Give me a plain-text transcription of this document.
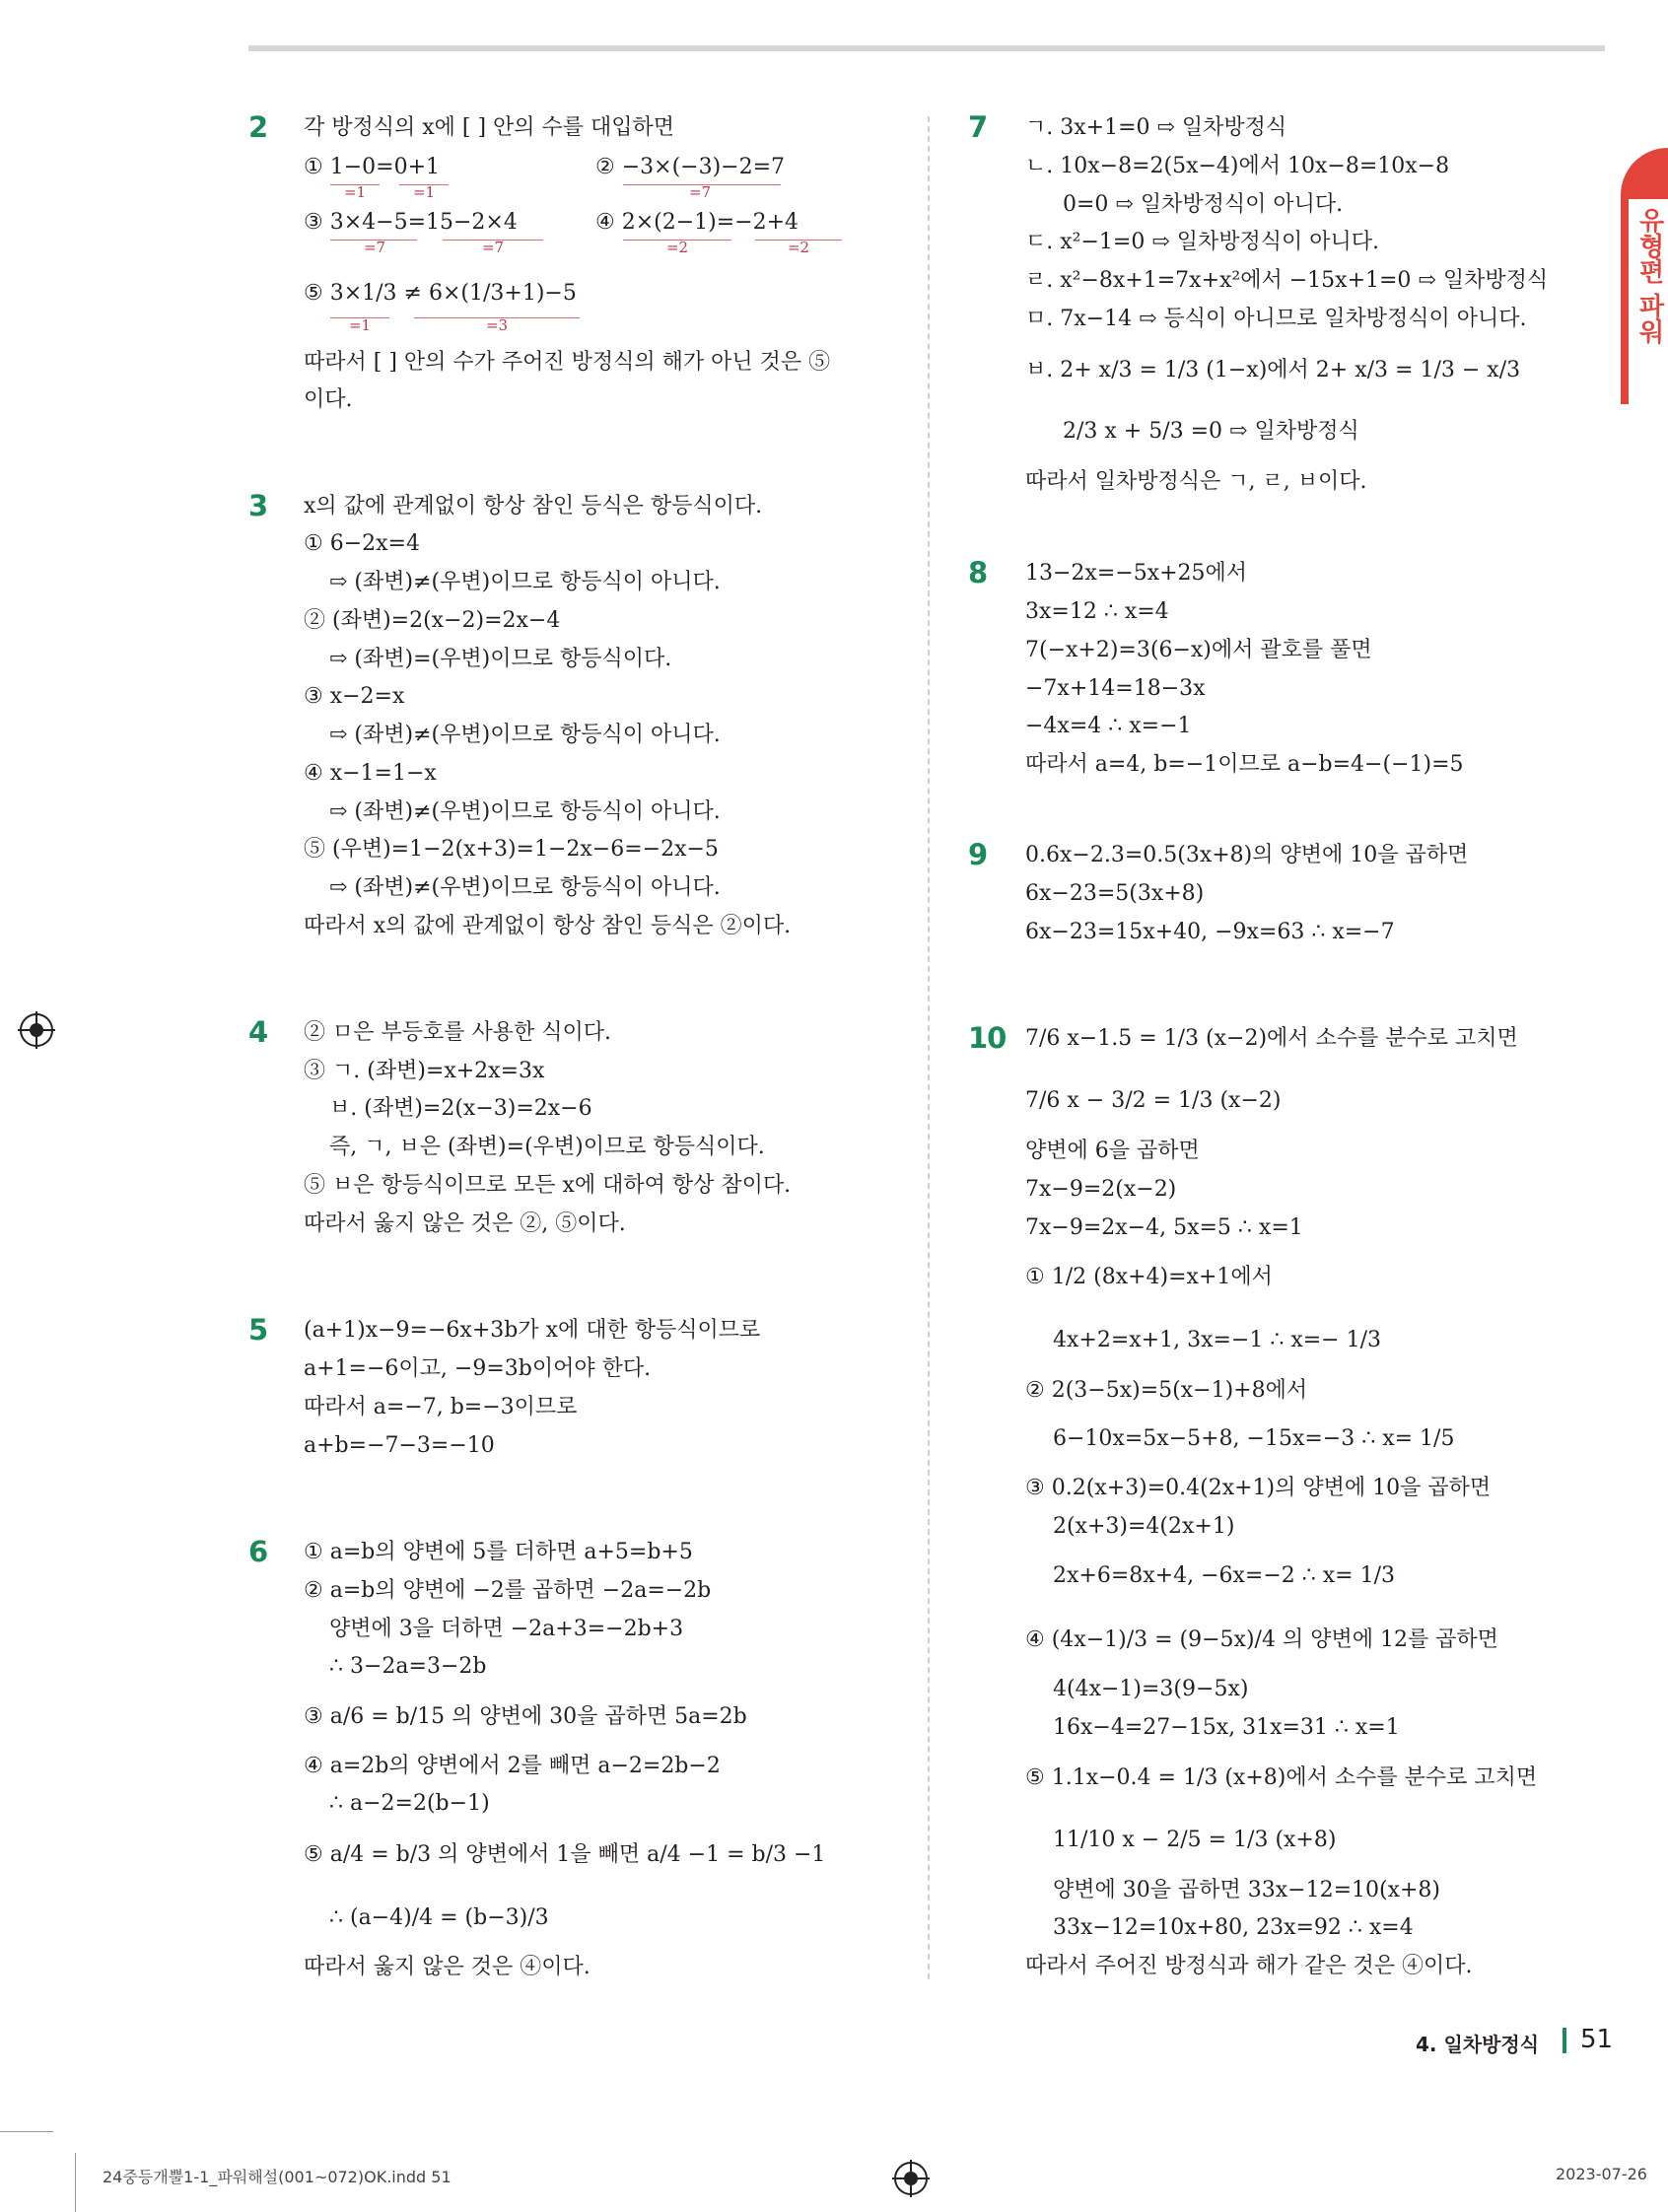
유형편 파워
2 각 방정식의 x에 [ ] 안의 수를 대입하면
① 1−0=0+1
=1	=1
② −3×(−3)−2=7
=7
③ 3×4−5=15−2×4
=7	=7
④ 2×(2−1)=−2+4
=2	=2
⑤ 3×1/3 ≠ 6×(1/3+1)−5
=1	=3
따라서 [ ] 안의 수가 주어진 방정식의 해가 아닌 것은 ⑤
이다.
3 x의 값에 관계없이 항상 참인 등식은 항등식이다.
① 6−2x=4
⇨ (좌변)≠(우변)이므로 항등식이 아니다.
② (좌변)=2(x−2)=2x−4
⇨ (좌변)=(우변)이므로 항등식이다.
③ x−2=x
⇨ (좌변)≠(우변)이므로 항등식이 아니다.
④ x−1=1−x
⇨ (좌변)≠(우변)이므로 항등식이 아니다.
⑤ (우변)=1−2(x+3)=1−2x−6=−2x−5
⇨ (좌변)≠(우변)이므로 항등식이 아니다.
따라서 x의 값에 관계없이 항상 참인 등식은 ②이다.
4 ② ㅁ은 부등호를 사용한 식이다.
③ ㄱ. (좌변)=x+2x=3x
ㅂ. (좌변)=2(x−3)=2x−6
즉, ㄱ, ㅂ은 (좌변)=(우변)이므로 항등식이다.
⑤ ㅂ은 항등식이므로 모든 x에 대하여 항상 참이다.
따라서 옳지 않은 것은 ②, ⑤이다.
5 (a+1)x−9=−6x+3b가 x에 대한 항등식이므로
a+1=−6이고, −9=3b이어야 한다.
따라서 a=−7, b=−3이므로
a+b=−7−3=−10
6 ① a=b의 양변에 5를 더하면 a+5=b+5
② a=b의 양변에 −2를 곱하면 −2a=−2b
양변에 3을 더하면 −2a+3=−2b+3
∴ 3−2a=3−2b
③ a/6 = b/15 의 양변에 30을 곱하면 5a=2b
④ a=2b의 양변에서 2를 빼면 a−2=2b−2
∴ a−2=2(b−1)
⑤ a/4 = b/3 의 양변에서 1을 빼면 a/4 −1 = b/3 −1
∴ (a−4)/4 = (b−3)/3
따라서 옳지 않은 것은 ④이다.
7 ㄱ. 3x+1=0 ⇨ 일차방정식
ㄴ. 10x−8=2(5x−4)에서 10x−8=10x−8
0=0 ⇨ 일차방정식이 아니다.
ㄷ. x²−1=0 ⇨ 일차방정식이 아니다.
ㄹ. x²−8x+1=7x+x²에서 −15x+1=0 ⇨ 일차방정식
ㅁ. 7x−14 ⇨ 등식이 아니므로 일차방정식이 아니다.
ㅂ. 2+ x/3 = 1/3 (1−x)에서 2+ x/3 = 1/3 − x/3
2/3 x + 5/3 =0 ⇨ 일차방정식
따라서 일차방정식은 ㄱ, ㄹ, ㅂ이다.
8 13−2x=−5x+25에서
3x=12 ∴ x=4
7(−x+2)=3(6−x)에서 괄호를 풀면
−7x+14=18−3x
−4x=4 ∴ x=−1
따라서 a=4, b=−1이므로 a−b=4−(−1)=5
9 0.6x−2.3=0.5(3x+8)의 양변에 10을 곱하면
6x−23=5(3x+8)
6x−23=15x+40, −9x=63 ∴ x=−7
10 7/6 x−1.5 = 1/3 (x−2)에서 소수를 분수로 고치면
7/6 x − 3/2 = 1/3 (x−2)
양변에 6을 곱하면
7x−9=2(x−2)
7x−9=2x−4, 5x=5 ∴ x=1
① 1/2 (8x+4)=x+1에서
4x+2=x+1, 3x=−1 ∴ x=− 1/3
② 2(3−5x)=5(x−1)+8에서
6−10x=5x−5+8, −15x=−3 ∴ x= 1/5
③ 0.2(x+3)=0.4(2x+1)의 양변에 10을 곱하면
2(x+3)=4(2x+1)
2x+6=8x+4, −6x=−2 ∴ x= 1/3
④ (4x−1)/3 = (9−5x)/4 의 양변에 12를 곱하면
4(4x−1)=3(9−5x)
16x−4=27−15x, 31x=31 ∴ x=1
⑤ 1.1x−0.4 = 1/3 (x+8)에서 소수를 분수로 고치면
11/10 x − 2/5 = 1/3 (x+8)
양변에 30을 곱하면 33x−12=10(x+8)
33x−12=10x+80, 23x=92 ∴ x=4
따라서 주어진 방정식과 해가 같은 것은 ④이다.
4. 일차방정식 51
24중등개뿔1-1_파워해설(001~072)OK.indd 51	2023-07-26
